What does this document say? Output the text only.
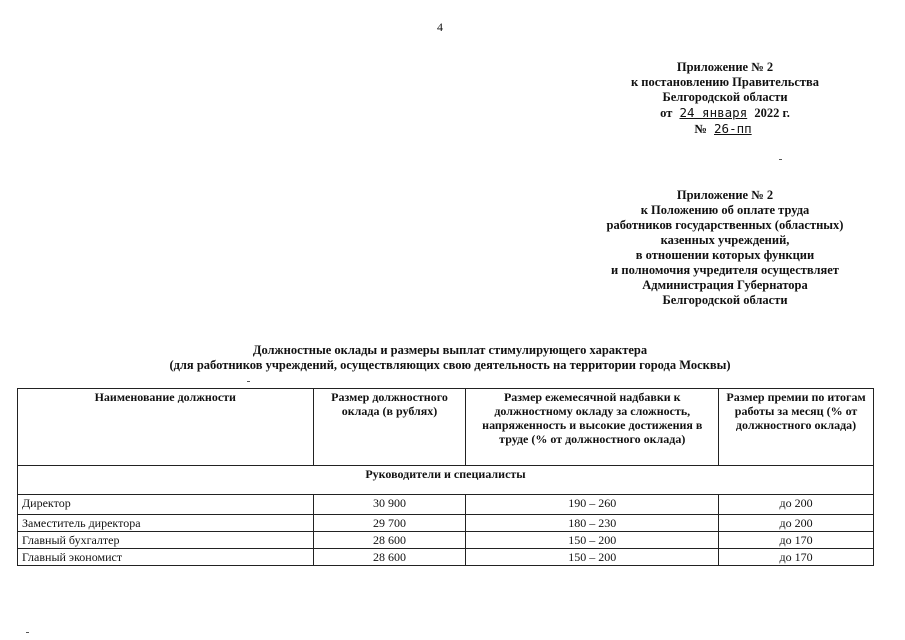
4
Приложение № 2
к постановлению Правительства
Белгородской области
от 24 января 2022 г.
№ 26-пп
Приложение № 2
к Положению об оплате труда
работников государственных (областных)
казенных учреждений,
в отношении которых функции
и полномочия учредителя осуществляет
Администрация Губернатора
Белгородской области
Должностные оклады и размеры выплат стимулирующего характера
(для работников учреждений, осуществляющих свою деятельность на территории города Москвы)
Наименование должности	Размер должностного оклада (в рублях)	Размер ежемесячной надбавки к должностному окладу за сложность, напряженность и высокие достижения в труде (% от должностного оклада)	Размер премии по итогам работы за месяц (% от должностного оклада)
Руководители и специалисты			
Директор	30 900	190 – 260	до 200
Заместитель директора	29 700	180 – 230	до 200
Главный бухгалтер	28 600	150 – 200	до 170
Главный экономист	28 600	150 – 200	до 170
